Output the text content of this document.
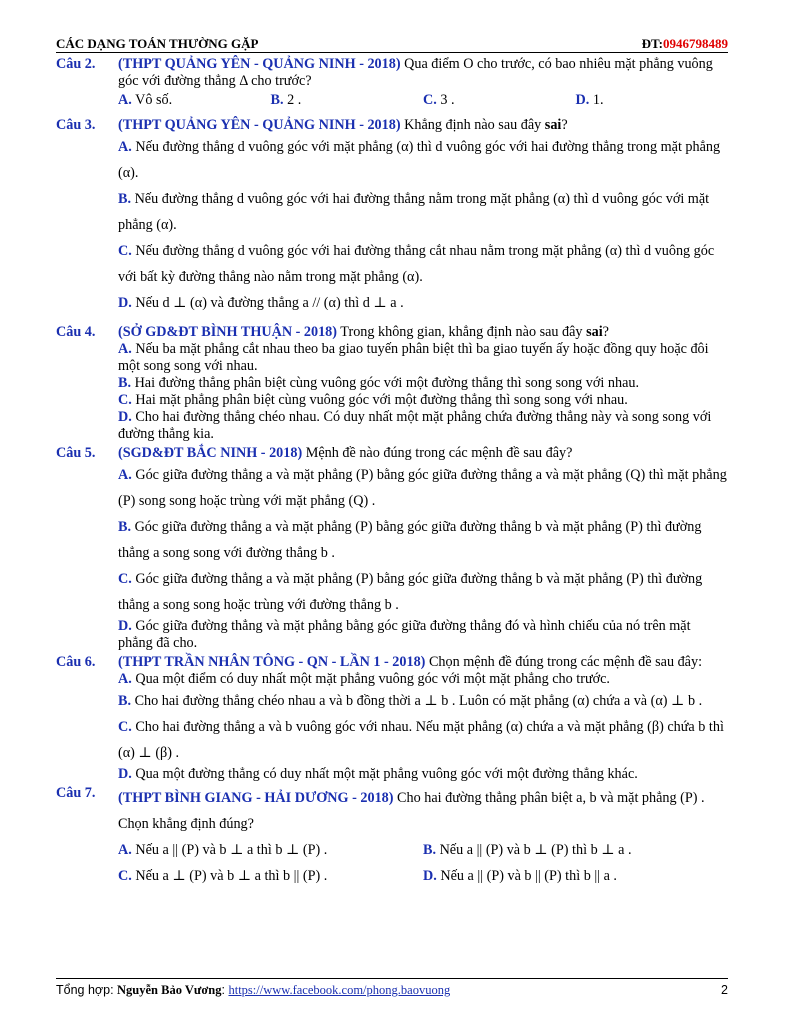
CÁC DẠNG TOÁN THƯỜNG GẶP	ĐT:0946798489
Câu 2.	(THPT QUẢNG YÊN - QUẢNG NINH - 2018) Qua điểm O cho trước, có bao nhiêu mặt phẳng vuông góc với đường thẳng Δ cho trước?
A. Vô số.	B. 2 .	C. 3 .	D. 1.
Câu 3.	(THPT QUẢNG YÊN - QUẢNG NINH - 2018) Khẳng định nào sau đây sai?
A. Nếu đường thẳng d vuông góc với mặt phẳng (α) thì d vuông góc với hai đường thẳng trong mặt phẳng (α).
B. Nếu đường thẳng d vuông góc với hai đường thẳng nằm trong mặt phẳng (α) thì d vuông góc với mặt phẳng (α).
C. Nếu đường thẳng d vuông góc với hai đường thẳng cắt nhau nằm trong mặt phẳng (α) thì d vuông góc với bất kỳ đường thẳng nào nằm trong mặt phẳng (α).
D. Nếu d ⊥ (α) và đường thẳng a // (α) thì d ⊥ a .
Câu 4.	(SỞ GD&ĐT BÌNH THUẬN - 2018) Trong không gian, khẳng định nào sau đây sai?
A. Nếu ba mặt phẳng cắt nhau theo ba giao tuyến phân biệt thì ba giao tuyến ấy hoặc đồng quy hoặc đôi một song song với nhau.
B. Hai đường thẳng phân biệt cùng vuông góc với một đường thẳng thì song song với nhau.
C. Hai mặt phẳng phân biệt cùng vuông góc với một đường thẳng thì song song với nhau.
D. Cho hai đường thẳng chéo nhau. Có duy nhất một mặt phẳng chứa đường thẳng này và song song với đường thẳng kia.
Câu 5.	(SGD&ĐT BẮC NINH - 2018) Mệnh đề nào đúng trong các mệnh đề sau đây?
A. Góc giữa đường thẳng a và mặt phẳng (P) bằng góc giữa đường thẳng a và mặt phẳng (Q) thì mặt phẳng (P) song song hoặc trùng với mặt phẳng (Q) .
B. Góc giữa đường thẳng a và mặt phẳng (P) bằng góc giữa đường thẳng b và mặt phẳng (P) thì đường thẳng a song song với đường thẳng b .
C. Góc giữa đường thẳng a và mặt phẳng (P) bằng góc giữa đường thẳng b và mặt phẳng (P) thì đường thẳng a song song hoặc trùng với đường thẳng b .
D. Góc giữa đường thẳng và mặt phẳng bằng góc giữa đường thẳng đó và hình chiếu của nó trên mặt phẳng đã cho.
Câu 6.	(THPT TRẦN NHÂN TÔNG - QN - LẦN 1 - 2018) Chọn mệnh đề đúng trong các mệnh đề sau đây:
A. Qua một điểm có duy nhất một mặt phẳng vuông góc với một mặt phẳng cho trước.
B. Cho hai đường thẳng chéo nhau a và b đồng thời a ⊥ b . Luôn có mặt phẳng (α) chứa a và (α) ⊥ b .
C. Cho hai đường thẳng a và b vuông góc với nhau. Nếu mặt phẳng (α) chứa a và mặt phẳng (β) chứa b thì (α) ⊥ (β) .
D. Qua một đường thẳng có duy nhất một mặt phẳng vuông góc với một đường thẳng khác.
Câu 7.	(THPT BÌNH GIANG - HẢI DƯƠNG - 2018) Cho hai đường thẳng phân biệt a, b và mặt phẳng (P) . Chọn khẳng định đúng?
A. Nếu a || (P) và b ⊥ a thì b ⊥ (P) .	B. Nếu a || (P) và b ⊥ (P) thì b ⊥ a .
C. Nếu a ⊥ (P) và b ⊥ a thì b || (P) .	D. Nếu a || (P) và b || (P) thì b || a .
Tổng hợp: Nguyễn Bảo Vương: https://www.facebook.com/phong.baovuong	2
